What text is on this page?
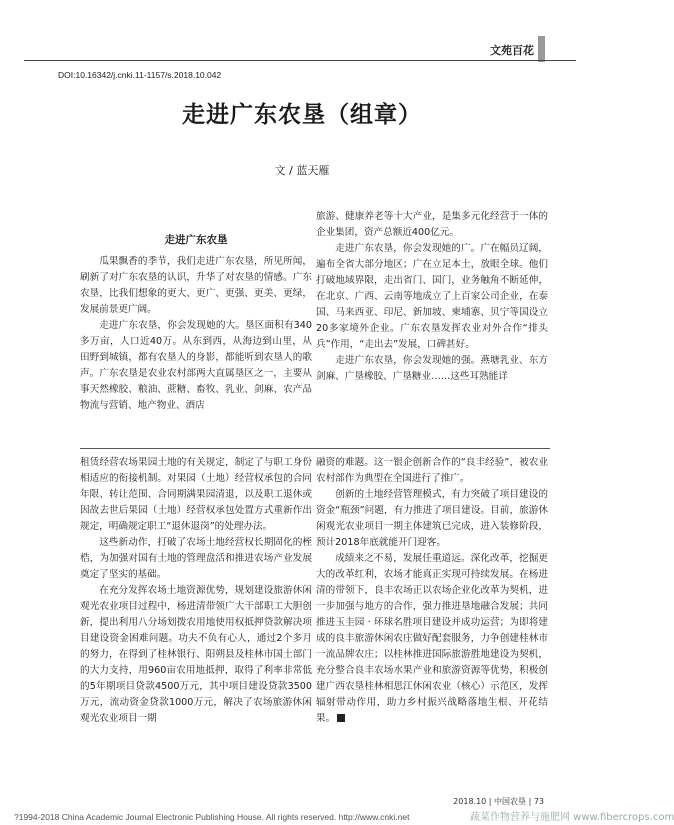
文苑百花
DOI:10.16342/j.cnki.11-1157/s.2018.10.042
走进广东农垦（组章）
文 / 蓝天雁
走进广东农垦

瓜果飘香的季节，我们走进广东农垦，所见所闻，刷新了对广东农垦的认识，升华了对农垦的情感。广东农垦，比我们想象的更大、更广、更强、更美、更绿，发展前景更广阔。

走进广东农垦，你会发现她的大。垦区面积有340多万亩，人口近40万。从东到西，从海边到山里，从田野到城镇，都有农垦人的身影，都能听到农垦人的歌声。广东农垦是农业农村部两大直属垦区之一，主要从事天然橡胶、粮油、蔗糖、畜牧、乳业、剑麻、农产品物流与营销、地产物业、酒店

旅游、健康养老等十大产业，是集多元化经营于一体的企业集团，资产总额近400亿元。

走进广东农垦，你会发现她的广。广在幅员辽阔，遍布全省大部分地区；广在立足本土，放眼全球。他们打破地域界限，走出省门、国门，业务触角不断延伸，在北京、广西、云南等地成立了上百家公司企业，在泰国、马来西亚、印尼、新加坡、柬埔寨、贝宁等国设立20多家境外企业。广东农垦发挥农业对外合作“排头兵”作用，“走出去”发展，口碑甚好。

走进广东农垦，你会发现她的强。燕塘乳业、东方剑麻、广垦橡胶、广垦糖业……这些耳熟能详

租赁经营农场果园土地的有关规定，制定了与职工身份相适应的衔接机制。对果园（土地）经营权承包的合同年限、转让范围、合同期满果园清退，以及职工退休或因故去世后果园（土地）经营权承包处置方式重新作出规定，明确规定职工“退休退岗”的处理办法。

这些新动作，打破了农场土地经营权长期固化的桎梏，为加强对国有土地的管理盘活和推进农场产业发展奠定了坚实的基础。

在充分发挥农场土地资源优势，规划建设旅游休闲观光农业项目过程中，杨进清带领广大干部职工大胆创新，提出利用八分场划拨农用地使用权抵押贷款解决项目建设资金困难问题。功夫不负有心人，通过2个多月的努力，在得到了桂林银行、阳朔县及桂林市国土部门的大力支持，用960亩农用地抵押，取得了利率非常低的5年期项目贷款4500万元，其中项目建设贷款3500万元，流动资金贷款1000万元，解决了农场旅游休闲观光农业项目一期

融资的难题。这一银企创新合作的“良丰经验”，被农业农村部作为典型在全国进行了推广。

创新的土地经营管理模式，有力突破了项目建设的资金“瓶颈”问题，有力推进了项目建设。目前，旅游休闲观光农业项目一期主体建筑已完成，进入装修阶段，预计2018年底就能开门迎客。

成绩来之不易，发展任重道远。深化改革，挖掘更大的改革红利，农场才能真正实现可持续发展。在杨进清的带领下，良丰农场正以农场企业化改革为契机，进一步加强与地方的合作，强力推进垦地融合发展；共同推进玉圭园 · 环球名胜项目建设并成功运营；为即将建成的良丰旅游休闲农庄做好配套服务，力争创建桂林市一流品牌农庄；以桂林推进国际旅游胜地建设为契机，充分整合良丰农场水果产业和旅游资源等优势，积极创建广西农垦桂林相思江休闲农业（核心）示范区，发挥辐射带动作用，助力乡村振兴战略落地生根、开花结果。

2018.10 | 中国农垦 | 73
?1994-2018 China Academic Journal Electronic Publishing House. All rights reserved. http://www.cnki.net	蔬菜作物营养与施肥网 www.fibercrops.com
